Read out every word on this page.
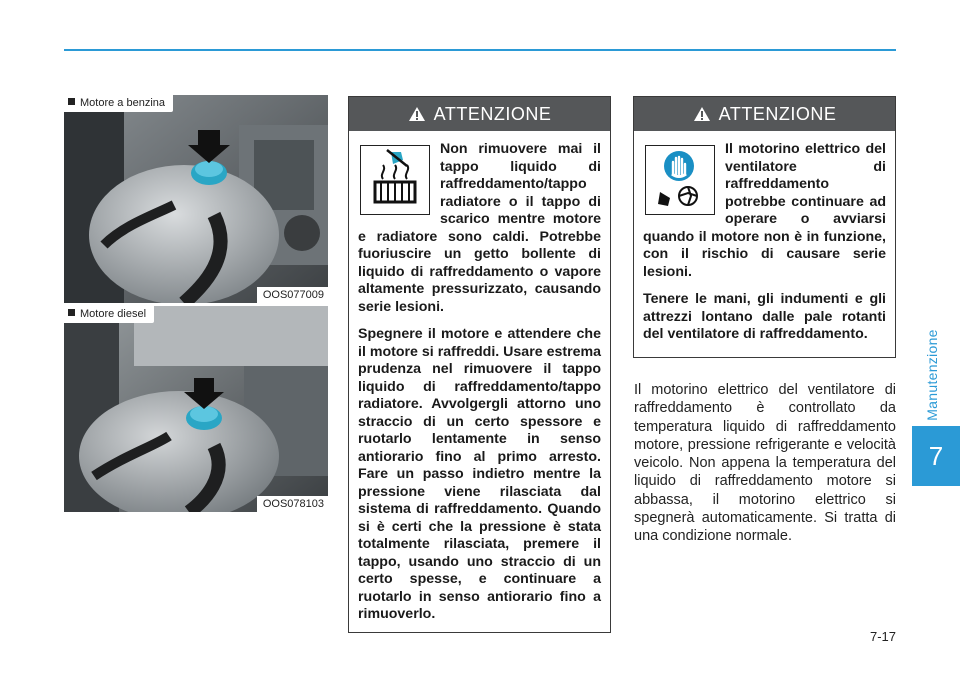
Manutenzione
7
Motore a benzina
OOS077009
Motore diesel
OOS078103
ATTENZIONE

Non rimuovere mai il tappo liquido di raffreddamento/tappo radiatore o il tappo di scarico mentre motore e radiatore sono caldi. Potrebbe fuoriuscire un getto bollente di liquido di raffreddamento o vapore altamente pressurizzato, causando serie lesioni.

Spegnere il motore e attendere che il motore si raffreddi. Usare estrema prudenza nel rimuovere il tappo liquido di raffreddamento/tappo radiatore. Avvolgergli attorno uno straccio di un certo spessore e ruotarlo lentamente in senso antiorario fino al primo arresto. Fare un passo indietro mentre la pressione viene rilasciata dal sistema di raffreddamento. Quando si è certi che la pressione è stata totalmente rilasciata, premere il tappo, usando uno straccio di un certo spesse, e continuare a ruotarlo in senso antiorario fino a rimuoverlo.

ATTENZIONE

Il motorino elettrico del ventilatore di raffreddamento potrebbe continuare ad operare o avviarsi quando il motore non è in funzione, con il rischio di causare serie lesioni.

Tenere le mani, gli indumenti e gli attrezzi lontano dalle pale rotanti del ventilatore di raffreddamento.

Il motorino elettrico del ventilatore di raffreddamento è controllato da temperatura liquido di raffreddamento motore, pressione refrigerante e velocità veicolo. Non appena la temperatura del liquido di raffreddamento motore si abbassa, il motorino elettrico si spegnerà automaticamente. Si tratta di una condizione normale.
7-17
